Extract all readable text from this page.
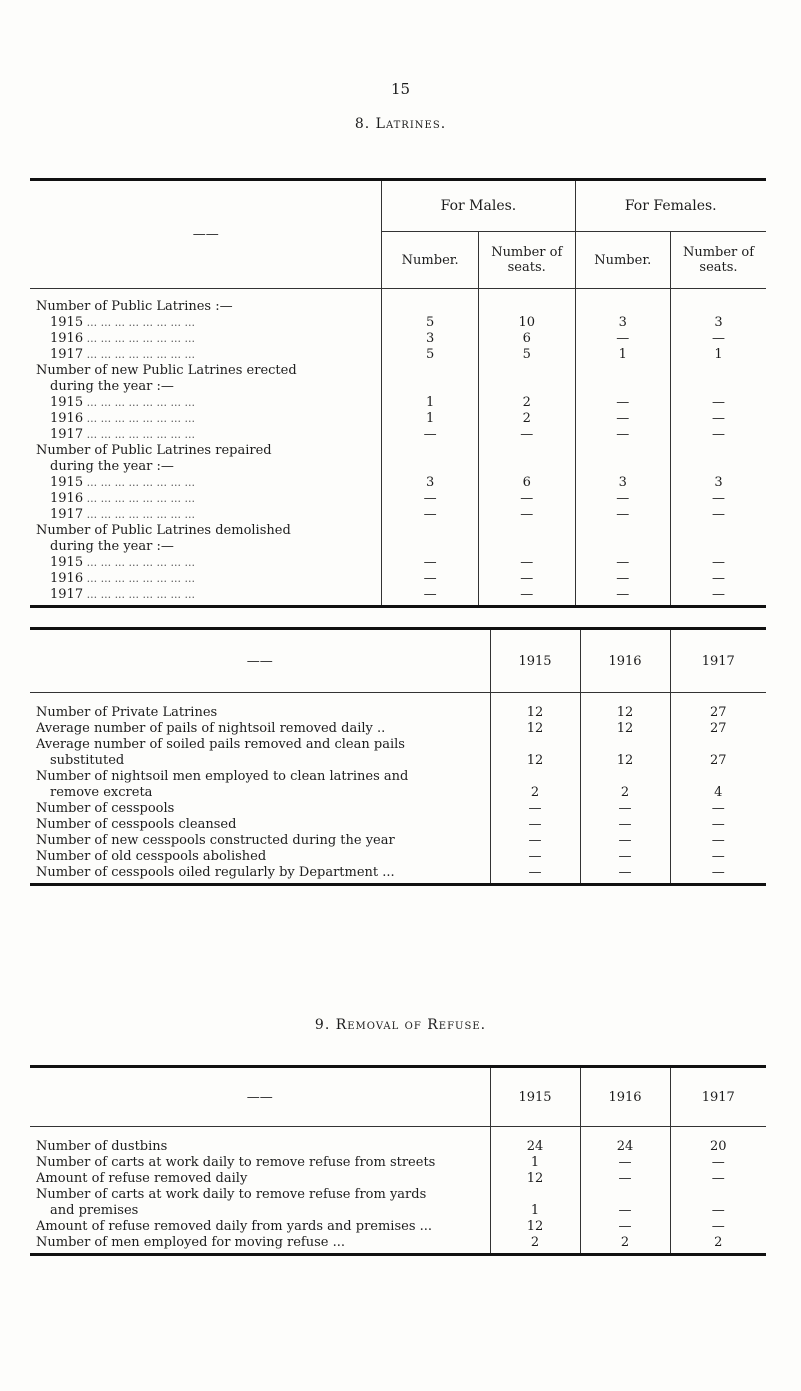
15
8. Latrines.
——	For Males.		For Females.	
	Number.	Number of seats.	Number.	Number of seats.
Number of Public Latrines :—				
1915 ...	5	10	3	3
1916 ...	3	6	—	—
1917 ...	5	5	1	1
Number of new Public Latrines erected				
during the year :—				
1915 ...	1	2	—	—
1916 ...	1	2	—	—
1917 ...	—	—	—	—
Number of Public Latrines repaired				
during the year :—				
1915 ...	3	6	3	3
1916 ...	—	—	—	—
1917 ...	—	—	—	—
Number of Public Latrines demolished				
during the year :—				
1915 ...	—	—	—	—
1916 ...	—	—	—	—
1917 ...	—	—	—	—
——	1915	1916	1917
Number of Private Latrines	12	12	27
Average number of pails of nightsoil removed daily ..	12	12	27
Average number of soiled pails removed and clean pails			
substituted	12	12	27
Number of nightsoil men employed to clean latrines and			
remove excreta	2	2	4
Number of cesspools	—	—	—
Number of cesspools cleansed	—	—	—
Number of new cesspools constructed during the year	—	—	—
Number of old cesspools abolished	—	—	—
Number of cesspools oiled regularly by Department ...	—	—	—
9. Removal of Refuse.
——	1915	1916	1917
Number of dustbins	24	24	20
Number of carts at work daily to remove refuse from streets	1	—	—
Amount of refuse removed daily	12	—	—
Number of carts at work daily to remove refuse from yards			
and premises	1	—	—
Amount of refuse removed daily from yards and premises ...	12	—	—
Number of men employed for moving refuse ...	2	2	2
